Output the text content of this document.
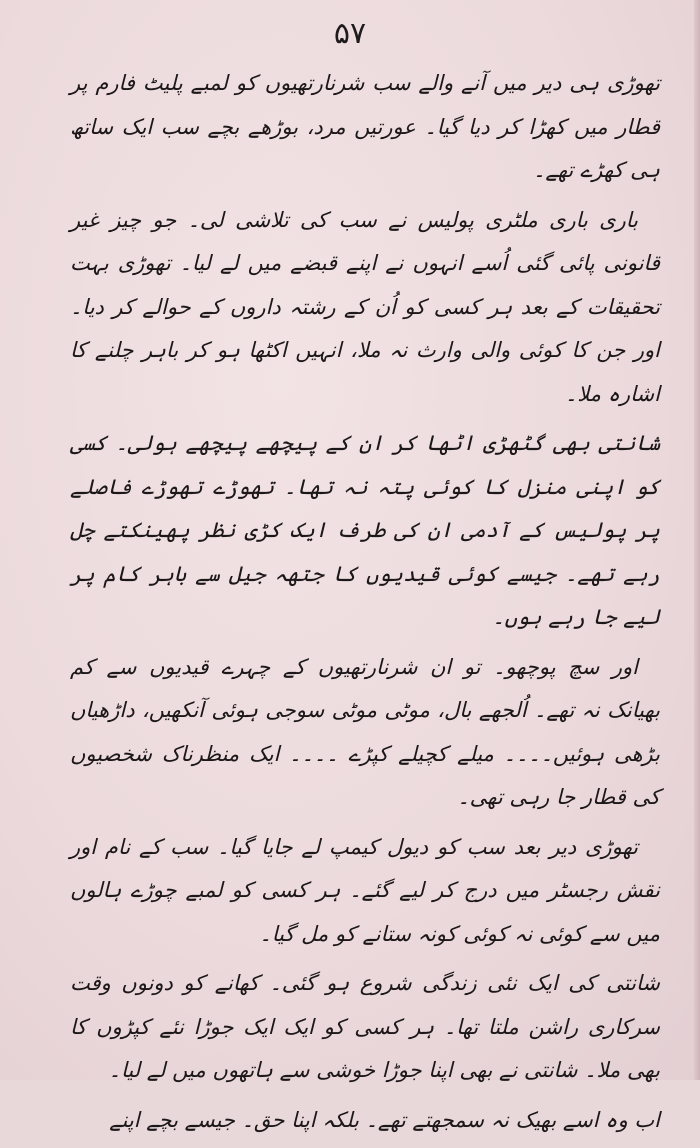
۵۷

تھوڑی ہی دیر میں آنے والے سب شرنارتھیوں کو لمبے پلیٹ فارم پر قطار میں کھڑا کر دیا گیا۔ عورتیں مرد، بوڑھے بچے سب ایک ساتھ ہی کھڑے تھے۔

باری باری ملٹری پولیس نے سب کی تلاشی لی۔ جو چیز غیر قانونی پائی گئی اُسے انہوں نے اپنے قبضے میں لے لیا۔ تھوڑی بہت تحقیقات کے بعد ہر کسی کو اُن کے رشتہ داروں کے حوالے کر دیا۔ اور جن کا کوئی والی وارث نہ ملا، انہیں اکٹھا ہو کر باہر چلنے کا اشارہ ملا۔

شانتی بھی گٹھڑی اٹھا کر ان کے پیچھے پیچھے ہولی۔ کسی کو اپنی منزل کا کوئی پتہ نہ تھا۔ تھوڑے تھوڑے فاصلے پر پولیس کے آدمی ان کی طرف ایک کڑی نظر پھینکتے چل رہے تھے۔ جیسے کوئی قیدیوں کا جتھہ جیل سے باہر کام پر لیے جا رہے ہوں۔

اور سچ پوچھو۔ تو ان شرنارتھیوں کے چہرے قیدیوں سے کم بھیانک نہ تھے۔ اُلجھے بال، موٹی موٹی سوجی ہوئی آنکھیں، داڑھیاں بڑھی ہوئیں۔۔۔۔ میلے کچیلے کپڑے ۔۔۔۔ ایک منظرناک شخصیوں کی قطار جا رہی تھی۔

تھوڑی دیر بعد سب کو دیول کیمپ لے جایا گیا۔ سب کے نام اور نقش رجسٹر میں درج کر لیے گئے۔ ہر کسی کو لمبے چوڑے ہالوں میں سے کوئی نہ کوئی کونہ ستانے کو مل گیا۔

شانتی کی ایک نئی زندگی شروع ہو گئی۔ کھانے کو دونوں وقت سرکاری راشن ملتا تھا۔ ہر کسی کو ایک ایک جوڑا نئے کپڑوں کا بھی ملا۔ شانتی نے بھی اپنا جوڑا خوشی سے ہاتھوں میں لے لیا۔

اب وہ اسے بھیک نہ سمجھتے تھے۔ بلکہ اپنا حق۔ جیسے بچے اپنے
